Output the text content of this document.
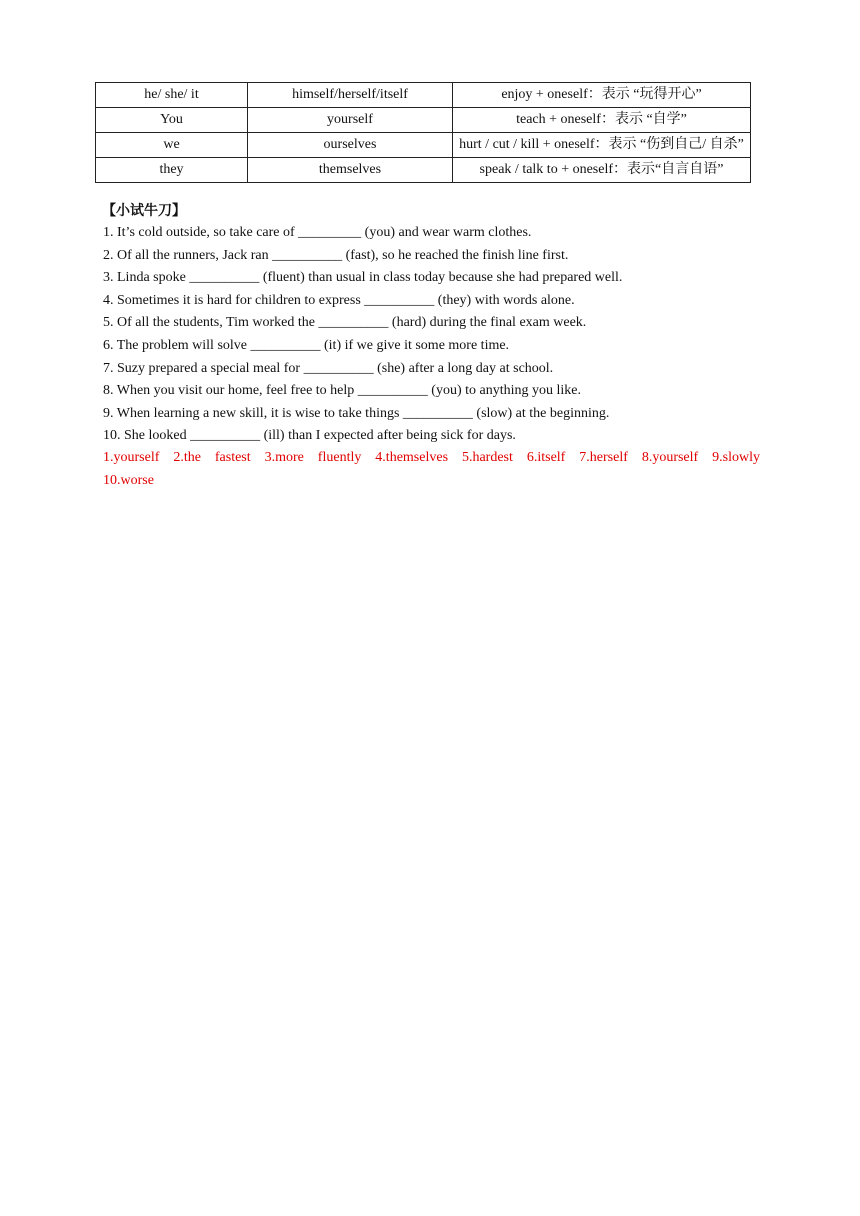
he/ she/ it	himself/herself/itself	enjoy + oneself：表示 “玩得开心”
You	yourself	teach + oneself：表示 “自学”
we	ourselves	hurt / cut / kill + oneself：表示 “伤到自己/ 自杀”
they	themselves	speak / talk to + oneself：表示“自言自语”
【小试牛刀】
1. It’s cold outside, so take care of _________ (you) and wear warm clothes.
2. Of all the runners, Jack ran __________ (fast), so he reached the finish line first.
3. Linda spoke __________ (fluent) than usual in class today because she had prepared well.
4. Sometimes it is hard for children to express __________ (they) with words alone.
5. Of all the students, Tim worked the __________ (hard) during the final exam week.
6. The problem will solve __________ (it) if we give it some more time.
7. Suzy prepared a special meal for __________ (she) after a long day at school.
8. When you visit our home, feel free to help __________ (you) to anything you like.
9. When learning a new skill, it is wise to take things __________ (slow) at the beginning.
10. She looked __________ (ill) than I expected after being sick for days.
1.yourself 2.the fastest 3.more fluently 4.themselves 5.hardest 6.itself 7.herself 8.yourself 9.slowly 10.worse
